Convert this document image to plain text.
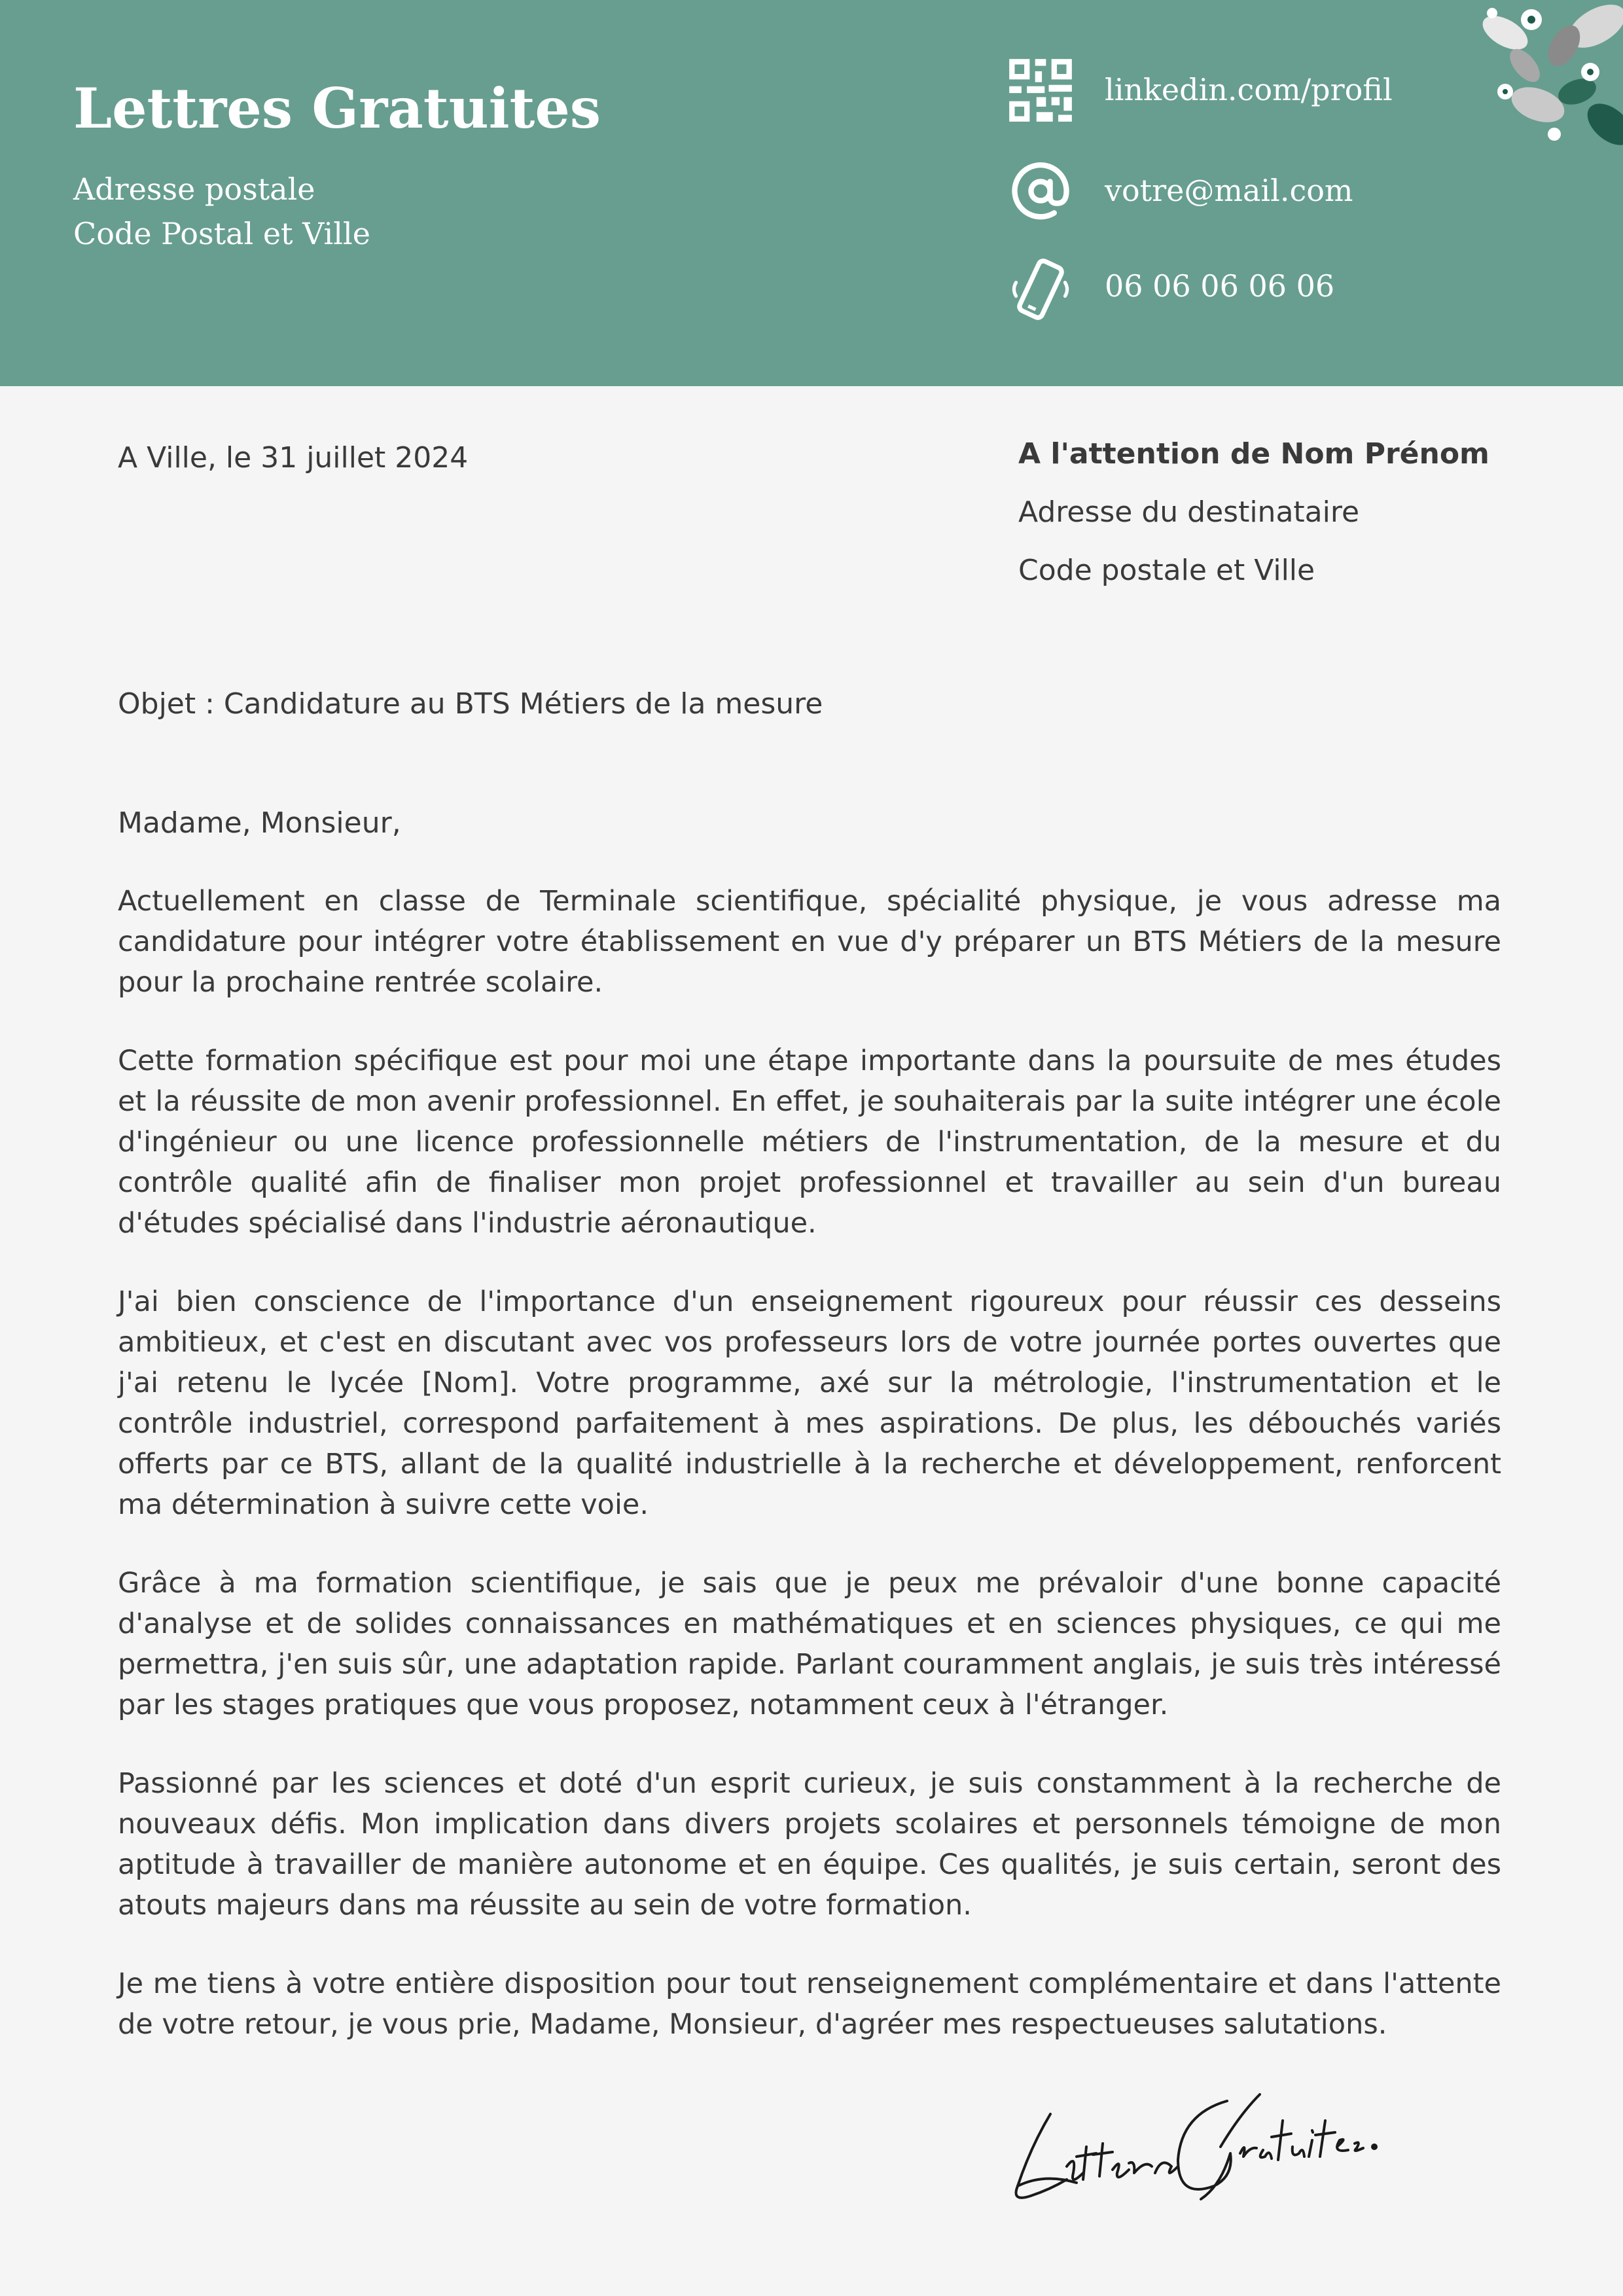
Lettres Gratuites
Adresse postale
Code Postal et Ville
linkedin.com/profil
votre@mail.com
06 06 06 06 06
A Ville, le 31 juillet 2024	A l'attention de Nom Prénom
Adresse du destinataire
Code postale et Ville
Objet : Candidature au BTS Métiers de la mesure
Madame, Monsieur,

Actuellement en classe de Terminale scientifique, spécialité physique, je vous adresse ma candidature pour intégrer votre établissement en vue d'y préparer un BTS Métiers de la mesure pour la prochaine rentrée scolaire.

Cette formation spécifique est pour moi une étape importante dans la poursuite de mes études et la réussite de mon avenir professionnel. En effet, je souhaiterais par la suite intégrer une école d'ingénieur ou une licence professionnelle métiers de l'instrumentation, de la mesure et du contrôle qualité afin de finaliser mon projet professionnel et travailler au sein d'un bureau d'études spécialisé dans l'industrie aéronautique.

J'ai bien conscience de l'importance d'un enseignement rigoureux pour réussir ces desseins ambitieux, et c'est en discutant avec vos professeurs lors de votre journée portes ouvertes que j'ai retenu le lycée [Nom]. Votre programme, axé sur la métrologie, l'instrumentation et le contrôle industriel, correspond parfaitement à mes aspirations. De plus, les débouchés variés offerts par ce BTS, allant de la qualité industrielle à la recherche et développement, renforcent ma détermination à suivre cette voie.

Grâce à ma formation scientifique, je sais que je peux me prévaloir d'une bonne capacité d'analyse et de solides connaissances en mathématiques et en sciences physiques, ce qui me permettra, j'en suis sûr, une adaptation rapide. Parlant couramment anglais, je suis très intéressé par les stages pratiques que vous proposez, notamment ceux à l'étranger.

Passionné par les sciences et doté d'un esprit curieux, je suis constamment à la recherche de nouveaux défis. Mon implication dans divers projets scolaires et personnels témoigne de mon aptitude à travailler de manière autonome et en équipe. Ces qualités, je suis certain, seront des atouts majeurs dans ma réussite au sein de votre formation.

Je me tiens à votre entière disposition pour tout renseignement complémentaire et dans l'attente de votre retour, je vous prie, Madame, Monsieur, d'agréer mes respectueuses salutations.
